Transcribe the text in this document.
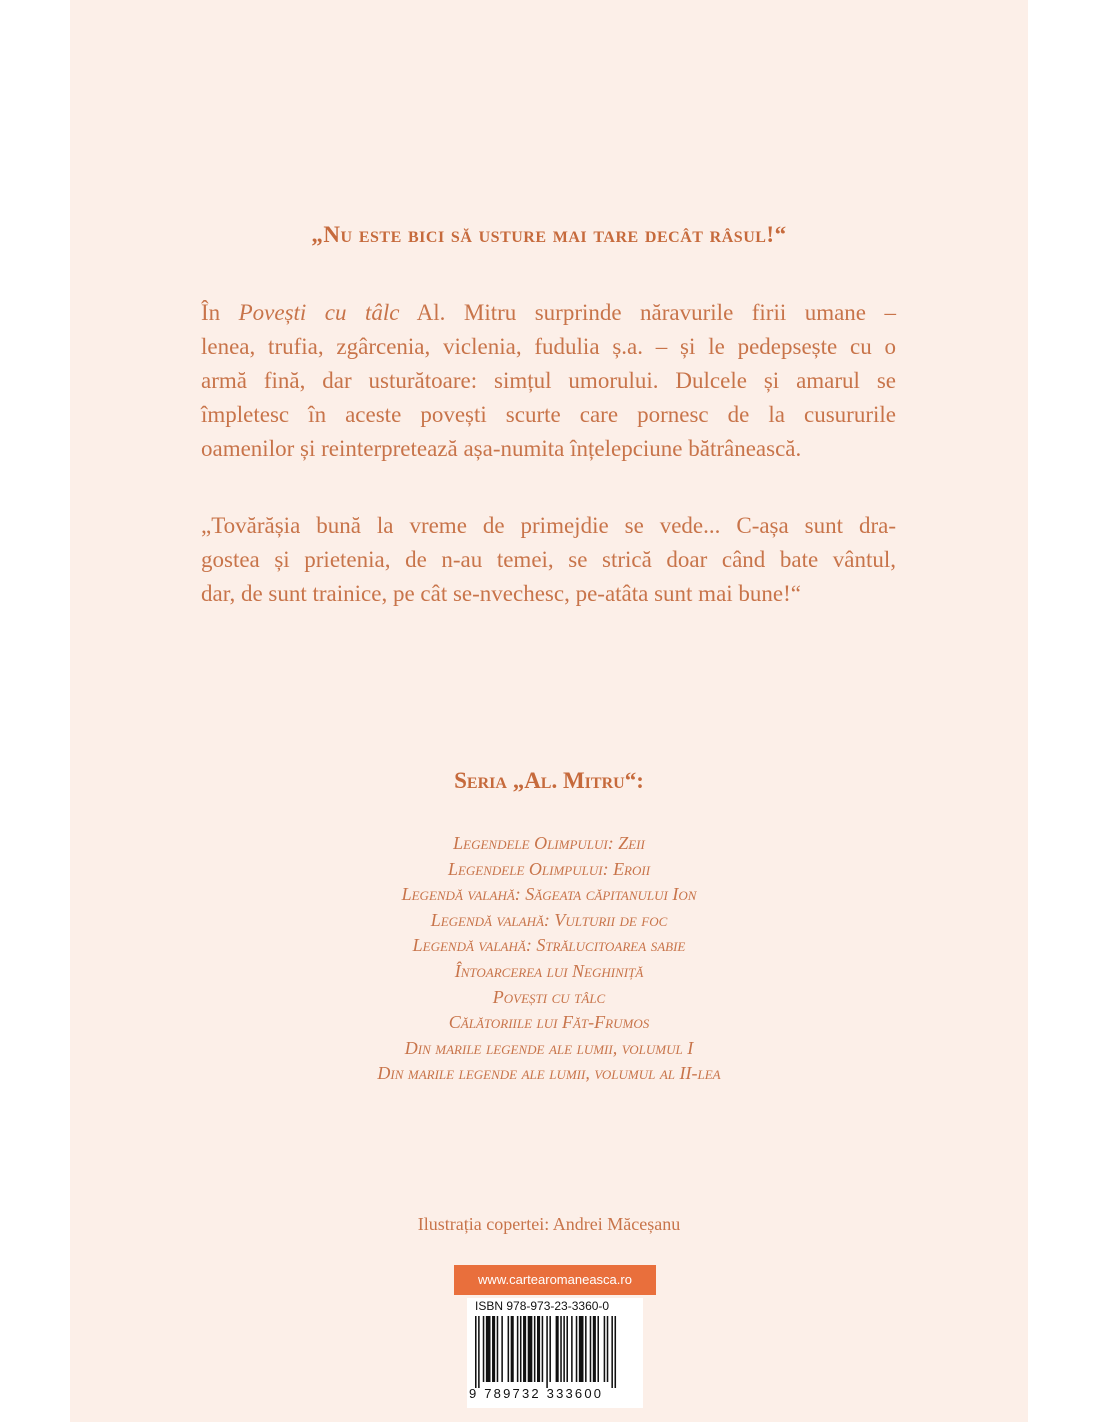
„Nu este bici să usture mai tare decât râsul!“
În Povești cu tâlc Al. Mitru surprinde năravurile firii umane –
lenea, trufia, zgârcenia, viclenia, fudulia ș.a. – și le pedepsește cu o
armă fină, dar usturătoare: simțul umorului. Dulcele și amarul se
împletesc în aceste povești scurte care pornesc de la cusururile
oamenilor și reinterpretează așa-numita înțelepciune bătrânească.
„Tovărășia bună la vreme de primejdie se vede... C-așa sunt dra-
gostea și prietenia, de n-au temei, se strică doar când bate vântul,
dar, de sunt trainice, pe cât se-nvechesc, pe-atâta sunt mai bune!“
Seria „Al. Mitru“:
Legendele Olimpului: Zeii
Legendele Olimpului: Eroii
Legendă valahă: Săgeata căpitanului Ion
Legendă valahă: Vulturii de foc
Legendă valahă: Strălucitoarea sabie
Întoarcerea lui Neghiniță
Povești cu tâlc
Călătoriile lui Făt-Frumos
Din marile legende ale lumii, volumul I
Din marile legende ale lumii, volumul al II-lea
Ilustrația copertei: Andrei Măceșanu
www.cartearomaneasca.ro
ISBN 978-973-23-3360-0
9 789732 333600
